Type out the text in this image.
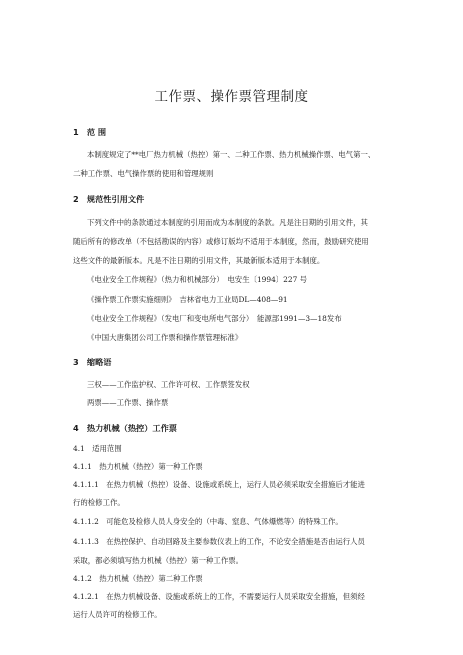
工作票、操作票管理制度
1　范 围
本制度规定了**电厂热力机械（热控）第一、二种工作票、热力机械操作票、电气第一、
二种工作票、电气操作票的使用和管理规则
2　规范性引用文件
下列文件中的条款通过本制度的引用而成为本制度的条款。凡是注日期的引用文件，其
随后所有的修改单（不包括勘误的内容）或修订版均不适用于本制度，然而，鼓励研究使用
这些文件的最新版本。凡是不注日期的引用文件，其最新版本适用于本制度。
《电业安全工作规程》（热力和机械部分）　电安生〔1994〕227 号
《操作票工作票实施细则》　吉林省电力工业局DL—408—91
《电业安全工作规程》（发电厂和变电所电气部分）　能源部1991—3—18发布
《中国大唐集团公司工作票和操作票管理标准》
3　缩略语
三权——工作监护权、工作许可权、工作票签发权
两票——工作票、操作票
4　热力机械（热控）工作票
4.1　适用范围
4.1.1　热力机械（热控）第一种工作票
4.1.1.1　在热力机械（热控）设备、设施或系统上，运行人员必须采取安全措施后才能进
行的检修工作。
4.1.1.2　可能危及检修人员人身安全的（中毒、窒息、气体爆燃等）的特殊工作。
4.1.1.3　在热控保护、自动回路及主要参数仪表上的工作，不论安全措施是否由运行人员
采取，都必须填写热力机械（热控）第一种工作票。
4.1.2　热力机械（热控）第二种工作票
4.1.2.1　在热力机械设备、设施或系统上的工作，不需要运行人员采取安全措施，但须经
运行人员许可的检修工作。
